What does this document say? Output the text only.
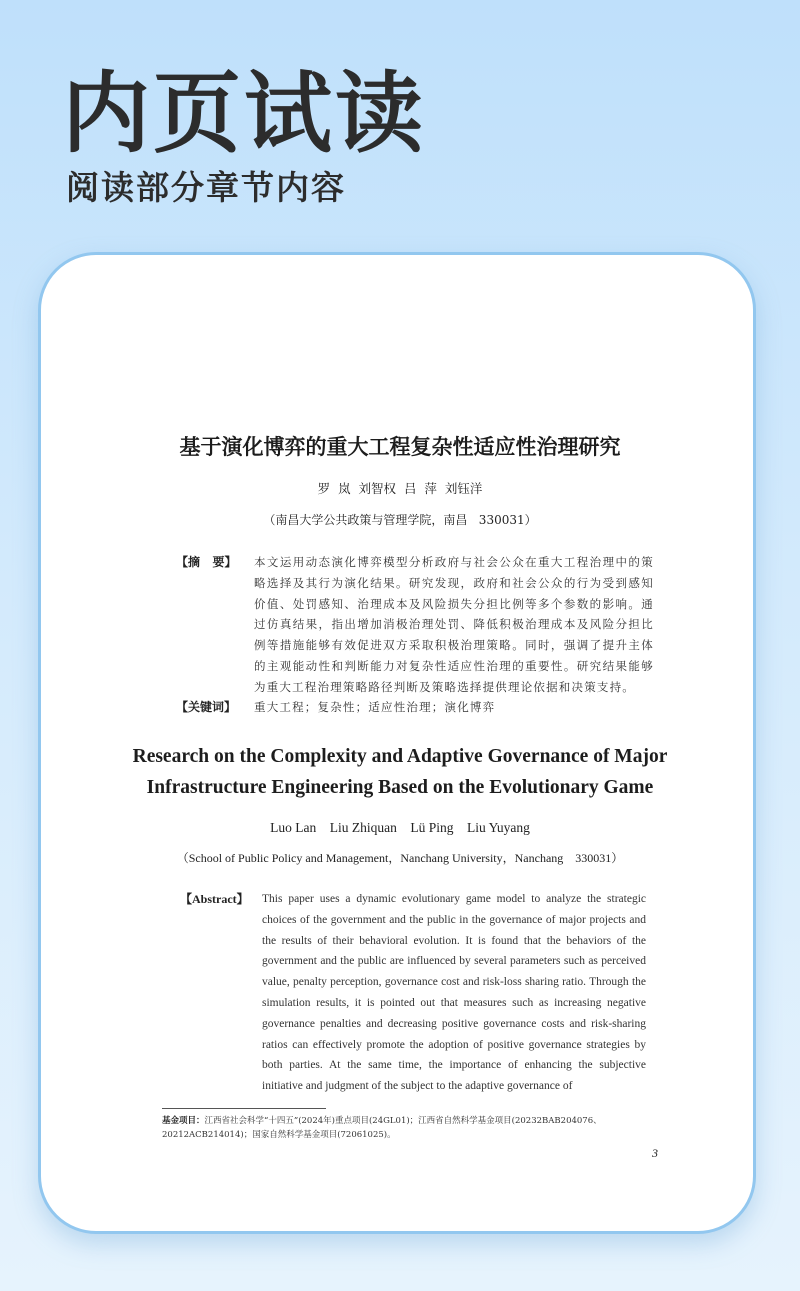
内页试读
阅读部分章节内容
基于演化博弈的重大工程复杂性适应性治理研究
罗  岚  刘智权  吕  萍  刘钰洋
（南昌大学公共政策与管理学院，南昌   330031）
【摘   要】 本文运用动态演化博弈模型分析政府与社会公众在重大工程治理中的策略选择及其行为演化结果。研究发现，政府和社会公众的行为受到感知价值、处罚感知、治理成本及风险损失分担比例等多个参数的影响。通过仿真结果，指出增加消极治理处罚、降低积极治理成本及风险分担比例等措施能够有效促进双方采取积极治理策略。同时，强调了提升主体的主观能动性和判断能力对复杂性适应性治理的重要性。研究结果能够为重大工程治理策略路径判断及策略选择提供理论依据和决策支持。

【关键词】 重大工程；复杂性；适应性治理；演化博弈
Research on the Complexity and Adaptive Governance of Major
Infrastructure Engineering Based on the Evolutionary Game
Luo Lan    Liu Zhiquan    Lü Ping    Liu Yuyang
（School of Public Policy and Management，Nanchang University，Nanchang    330031）
【Abstract】 This paper uses a dynamic evolutionary game model to analyze the strategic choices of the government and the public in the governance of major projects and the results of their behavioral evolution. It is found that the behaviors of the government and the public are influenced by several parameters such as perceived value, penalty perception, governance cost and risk-loss sharing ratio. Through the simulation results, it is pointed out that measures such as increasing negative governance penalties and decreasing positive governance costs and risk-sharing ratios can effectively promote the adoption of positive governance strategies by both parties. At the same time, the importance of enhancing the subjective initiative and judgment of the subject to the adaptive governance of

基金项目：江西省社会科学“十四五”(2024年)重点项目(24GL01)；江西省自然科学基金项目(20232BAB204076、20212ACB214014)；国家自然科学基金项目(72061025)。

3
